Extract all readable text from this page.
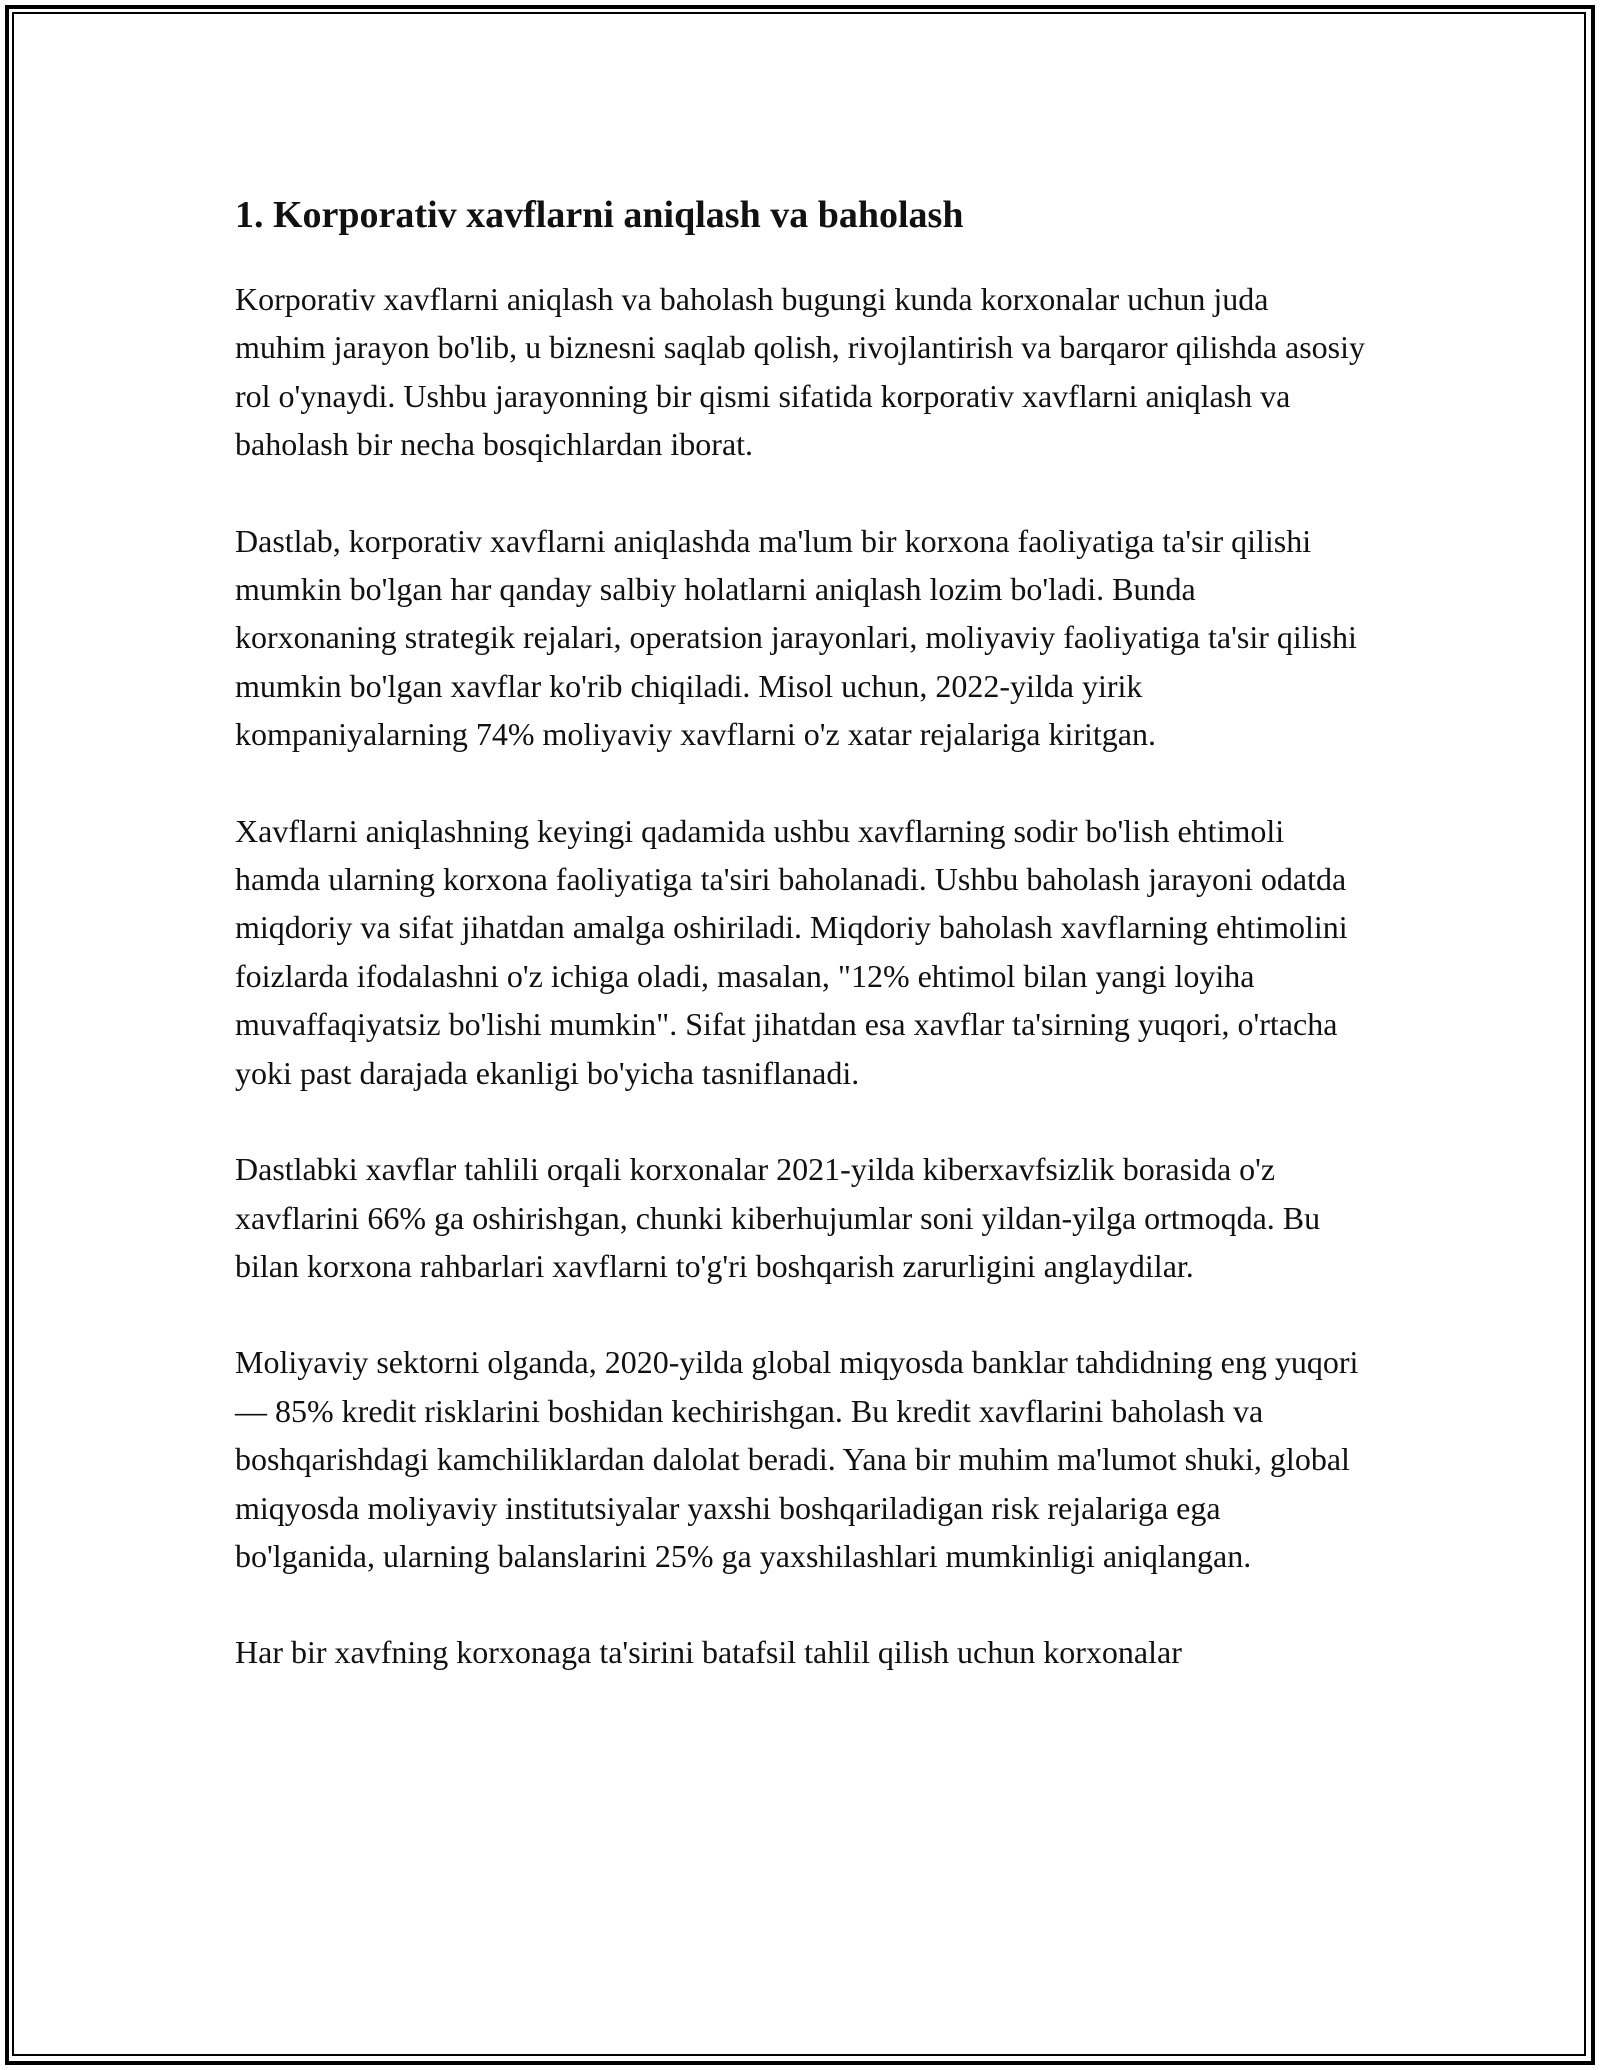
1. Korporativ xavflarni aniqlash va baholash

Korporativ xavflarni aniqlash va baholash bugungi kunda korxonalar uchun juda muhim jarayon bo'lib, u biznesni saqlab qolish, rivojlantirish va barqaror qilishda asosiy rol o'ynaydi. Ushbu jarayonning bir qismi sifatida korporativ xavflarni aniqlash va baholash bir necha bosqichlardan iborat.

Dastlab, korporativ xavflarni aniqlashda ma'lum bir korxona faoliyatiga ta'sir qilishi mumkin bo'lgan har qanday salbiy holatlarni aniqlash lozim bo'ladi. Bunda korxonaning strategik rejalari, operatsion jarayonlari, moliyaviy faoliyatiga ta'sir qilishi mumkin bo'lgan xavflar ko'rib chiqiladi. Misol uchun, 2022-yilda yirik kompaniyalarning 74% moliyaviy xavflarni o'z xatar rejalariga kiritgan.

Xavflarni aniqlashning keyingi qadamida ushbu xavflarning sodir bo'lish ehtimoli hamda ularning korxona faoliyatiga ta'siri baholanadi. Ushbu baholash jarayoni odatda miqdoriy va sifat jihatdan amalga oshiriladi. Miqdoriy baholash xavflarning ehtimolini foizlarda ifodalashni o'z ichiga oladi, masalan, "12% ehtimol bilan yangi loyiha muvaffaqiyatsiz bo'lishi mumkin". Sifat jihatdan esa xavflar ta'sirning yuqori, o'rtacha yoki past darajada ekanligi bo'yicha tasniflanadi.

Dastlabki xavflar tahlili orqali korxonalar 2021-yilda kiberxavfsizlik borasida o'z xavflarini 66% ga oshirishgan, chunki kiberhujumlar soni yildan-yilga ortmoqda. Bu bilan korxona rahbarlari xavflarni to'g'ri boshqarish zarurligini anglaydilar.

Moliyaviy sektorni olganda, 2020-yilda global miqyosda banklar tahdidning eng yuqori — 85% kredit risklarini boshidan kechirishgan. Bu kredit xavflarini baholash va boshqarishdagi kamchiliklardan dalolat beradi. Yana bir muhim ma'lumot shuki, global miqyosda moliyaviy institutsiyalar yaxshi boshqariladigan risk rejalariga ega bo'lganida, ularning balanslarini 25% ga yaxshilashlari mumkinligi aniqlangan.

Har bir xavfning korxonaga ta'sirini batafsil tahlil qilish uchun korxonalar
